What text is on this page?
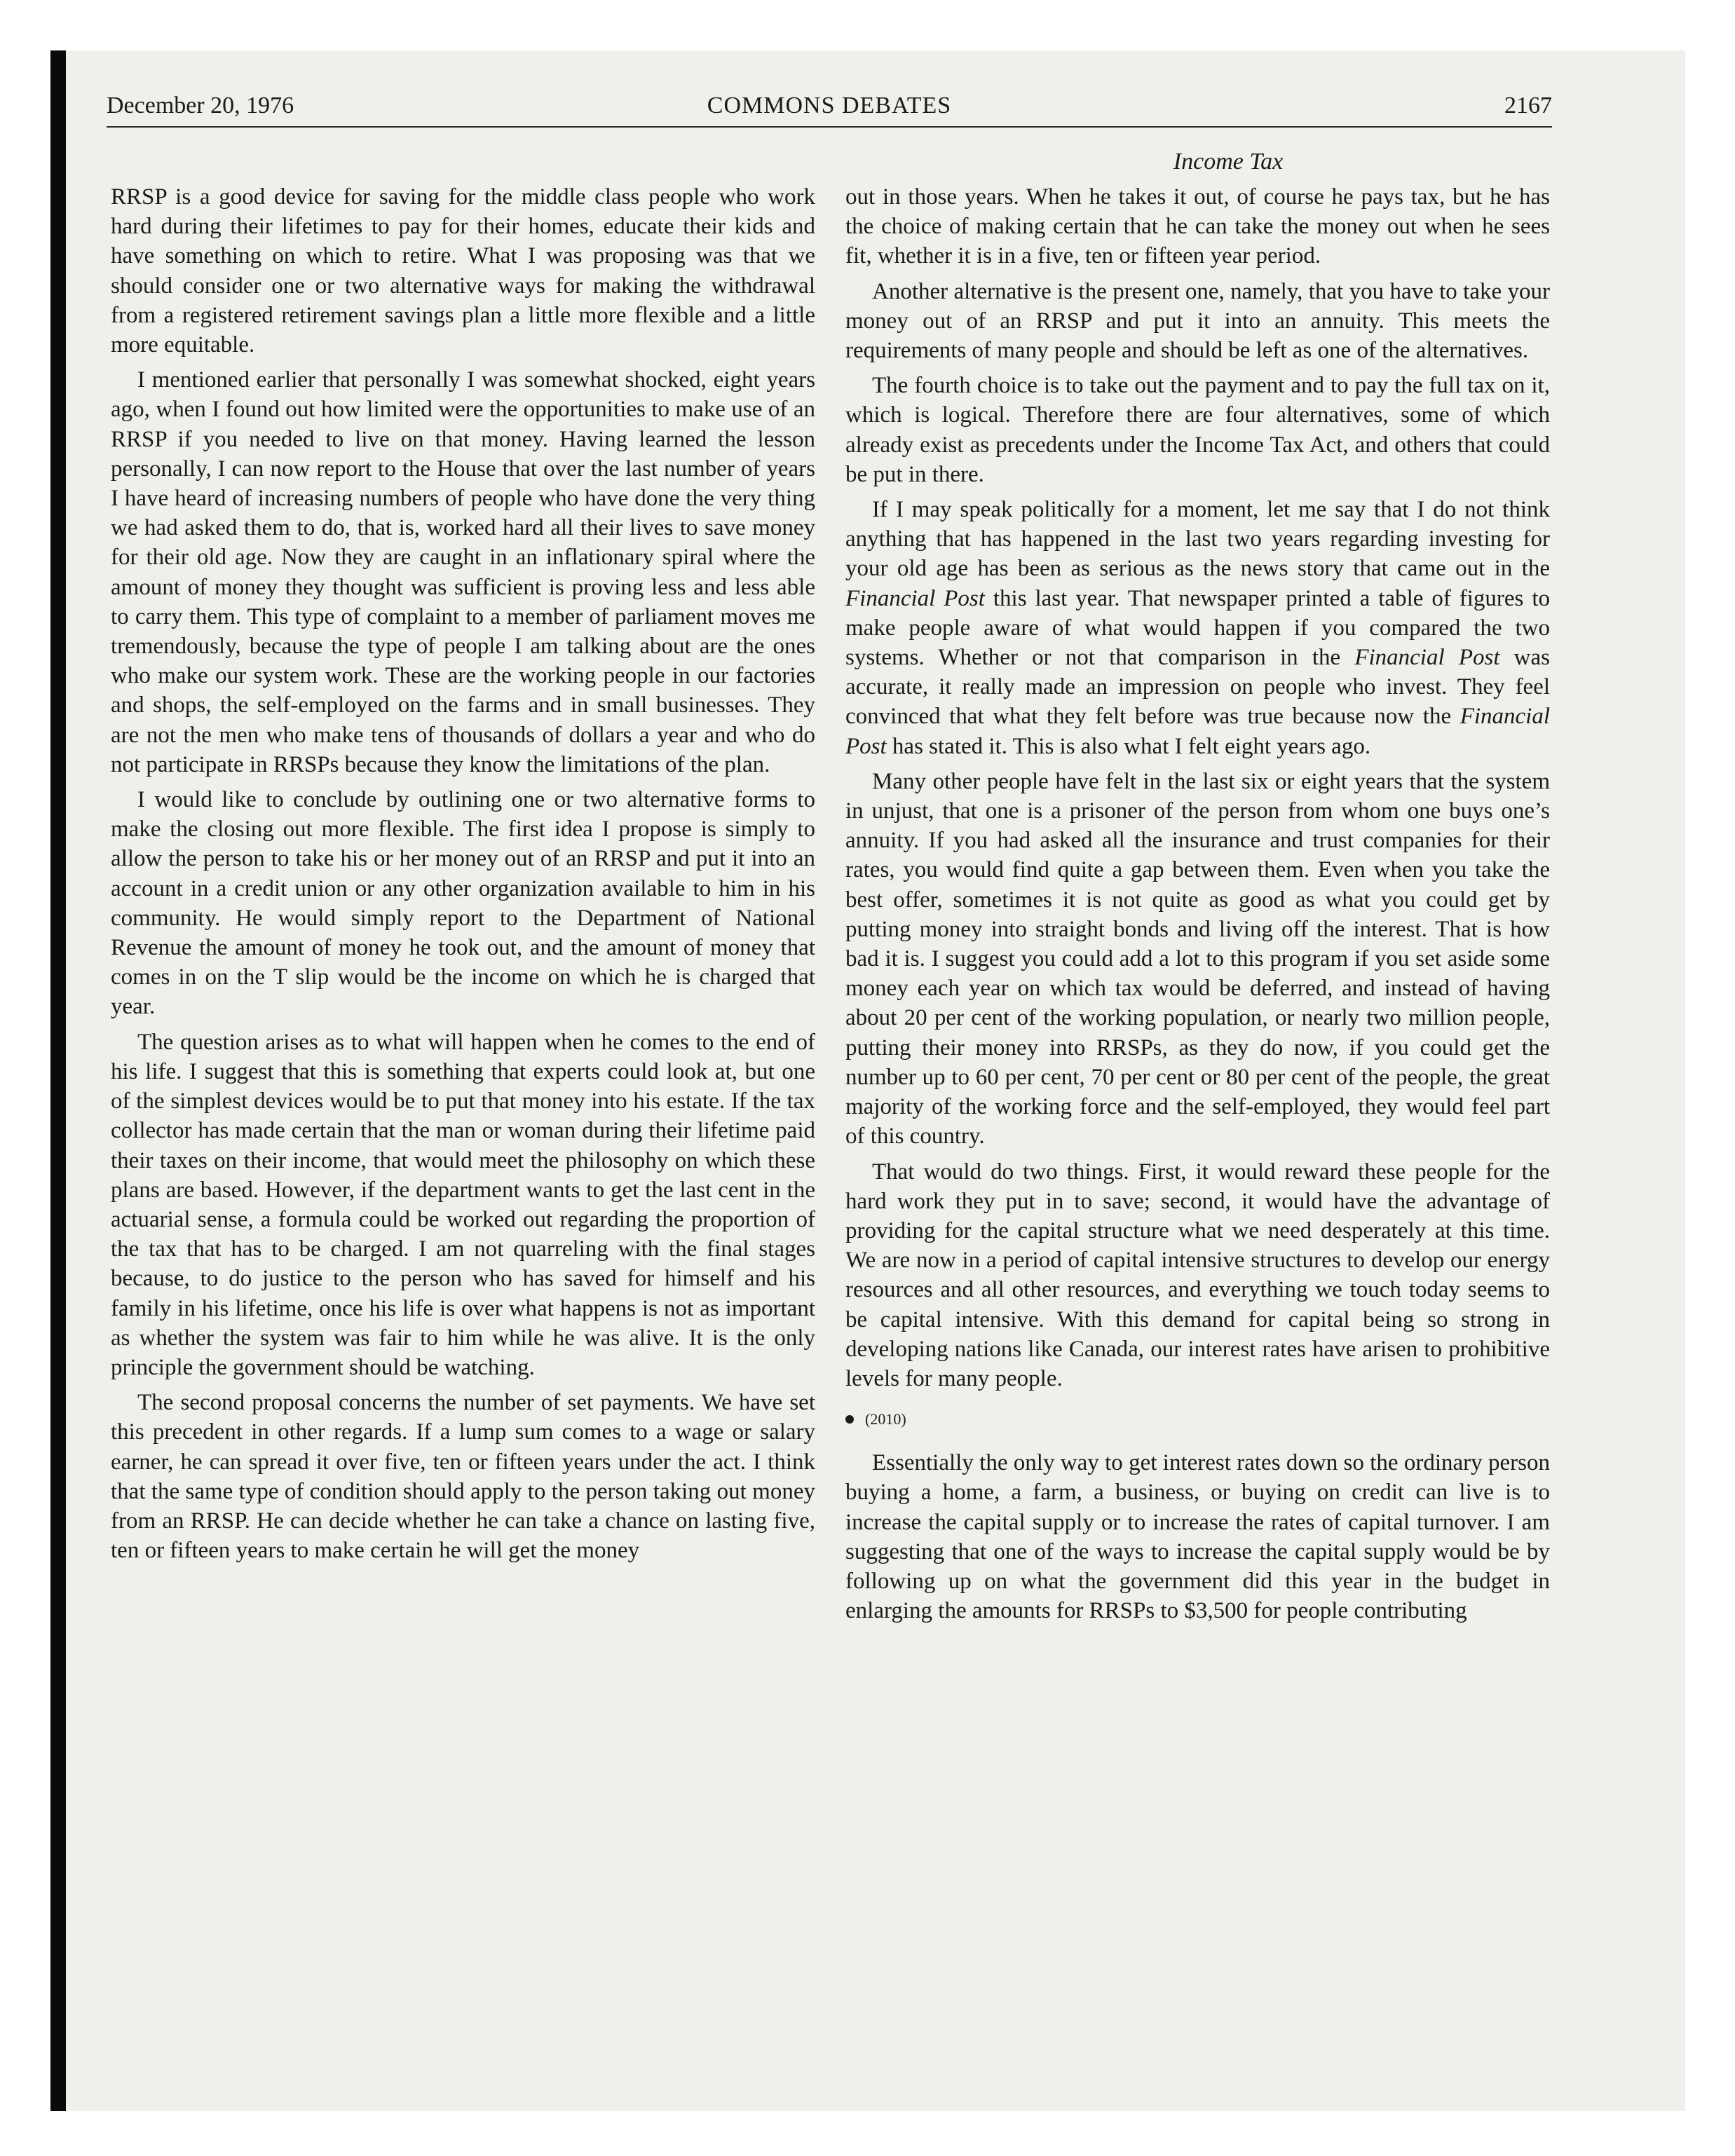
December 20, 1976	COMMONS DEBATES	2167
Income Tax

RRSP is a good device for saving for the middle class people who work hard during their lifetimes to pay for their homes, educate their kids and have something on which to retire. What I was proposing was that we should consider one or two alternative ways for making the withdrawal from a registered retirement savings plan a little more flexible and a little more equitable.

I mentioned earlier that personally I was somewhat shocked, eight years ago, when I found out how limited were the opportunities to make use of an RRSP if you needed to live on that money. Having learned the lesson personally, I can now report to the House that over the last number of years I have heard of increasing numbers of people who have done the very thing we had asked them to do, that is, worked hard all their lives to save money for their old age. Now they are caught in an inflationary spiral where the amount of money they thought was sufficient is proving less and less able to carry them. This type of complaint to a member of parliament moves me tremendously, because the type of people I am talking about are the ones who make our system work. These are the working people in our factories and shops, the self-employed on the farms and in small businesses. They are not the men who make tens of thousands of dollars a year and who do not participate in RRSPs because they know the limitations of the plan.

I would like to conclude by outlining one or two alternative forms to make the closing out more flexible. The first idea I propose is simply to allow the person to take his or her money out of an RRSP and put it into an account in a credit union or any other organization available to him in his community. He would simply report to the Department of National Revenue the amount of money he took out, and the amount of money that comes in on the T slip would be the income on which he is charged that year.

The question arises as to what will happen when he comes to the end of his life. I suggest that this is something that experts could look at, but one of the simplest devices would be to put that money into his estate. If the tax collector has made certain that the man or woman during their lifetime paid their taxes on their income, that would meet the philosophy on which these plans are based. However, if the department wants to get the last cent in the actuarial sense, a formula could be worked out regarding the proportion of the tax that has to be charged. I am not quarreling with the final stages because, to do justice to the person who has saved for himself and his family in his lifetime, once his life is over what happens is not as important as whether the system was fair to him while he was alive. It is the only principle the government should be watching.

The second proposal concerns the number of set payments. We have set this precedent in other regards. If a lump sum comes to a wage or salary earner, he can spread it over five, ten or fifteen years under the act. I think that the same type of condition should apply to the person taking out money from an RRSP. He can decide whether he can take a chance on lasting five, ten or fifteen years to make certain he will get the money

out in those years. When he takes it out, of course he pays tax, but he has the choice of making certain that he can take the money out when he sees fit, whether it is in a five, ten or fifteen year period.

Another alternative is the present one, namely, that you have to take your money out of an RRSP and put it into an annuity. This meets the requirements of many people and should be left as one of the alternatives.

The fourth choice is to take out the payment and to pay the full tax on it, which is logical. Therefore there are four alternatives, some of which already exist as precedents under the Income Tax Act, and others that could be put in there.

If I may speak politically for a moment, let me say that I do not think anything that has happened in the last two years regarding investing for your old age has been as serious as the news story that came out in the Financial Post this last year. That newspaper printed a table of figures to make people aware of what would happen if you compared the two systems. Whether or not that comparison in the Financial Post was accurate, it really made an impression on people who invest. They feel convinced that what they felt before was true because now the Financial Post has stated it. This is also what I felt eight years ago.

Many other people have felt in the last six or eight years that the system in unjust, that one is a prisoner of the person from whom one buys one’s annuity. If you had asked all the insurance and trust companies for their rates, you would find quite a gap between them. Even when you take the best offer, sometimes it is not quite as good as what you could get by putting money into straight bonds and living off the interest. That is how bad it is. I suggest you could add a lot to this program if you set aside some money each year on which tax would be deferred, and instead of having about 20 per cent of the working population, or nearly two million people, putting their money into RRSPs, as they do now, if you could get the number up to 60 per cent, 70 per cent or 80 per cent of the people, the great majority of the working force and the self-employed, they would feel part of this country.

That would do two things. First, it would reward these people for the hard work they put in to save; second, it would have the advantage of providing for the capital structure what we need desperately at this time. We are now in a period of capital intensive structures to develop our energy resources and all other resources, and everything we touch today seems to be capital intensive. With this demand for capital being so strong in developing nations like Canada, our interest rates have arisen to prohibitive levels for many people.

(2010)

Essentially the only way to get interest rates down so the ordinary person buying a home, a farm, a business, or buying on credit can live is to increase the capital supply or to increase the rates of capital turnover. I am suggesting that one of the ways to increase the capital supply would be by following up on what the government did this year in the budget in enlarging the amounts for RRSPs to $3,500 for people contributing
